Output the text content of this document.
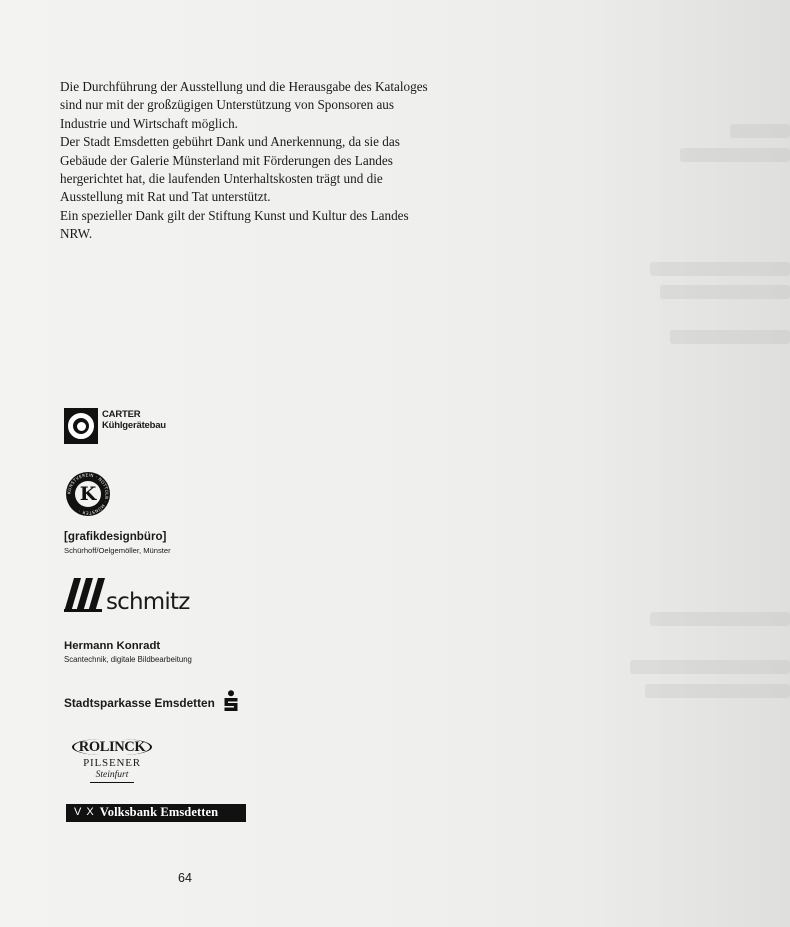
Die Durchführung der Ausstellung und die Herausgabe des Kataloges sind nur mit der großzügigen Unterstützung von Sponsoren aus Industrie und Wirtschaft möglich.

Der Stadt Emsdetten gebührt Dank und Anerkennung, da sie das Gebäude der Galerie Münsterland mit Förderungen des Landes hergerichtet hat, die laufenden Unterhaltskosten trägt und die Ausstellung mit Rat und Tat unterstützt.

Ein spezieller Dank gilt der Stiftung Kunst und Kultur des Landes NRW.

CARTER
Kühlgerätebau
KUNSTVEREIN · NOTTULN · MÜNSTER ·
K
[grafikdesignbüro]
Schürhoff/Oelgemöller, Münster
schmitz
Hermann Konradt
Scantechnik, digitale Bildbearbeitung
Stadtsparkasse Emsdetten
ROLINCK
PILSENER
Steinfurt
V X Volksbank Emsdetten
64
